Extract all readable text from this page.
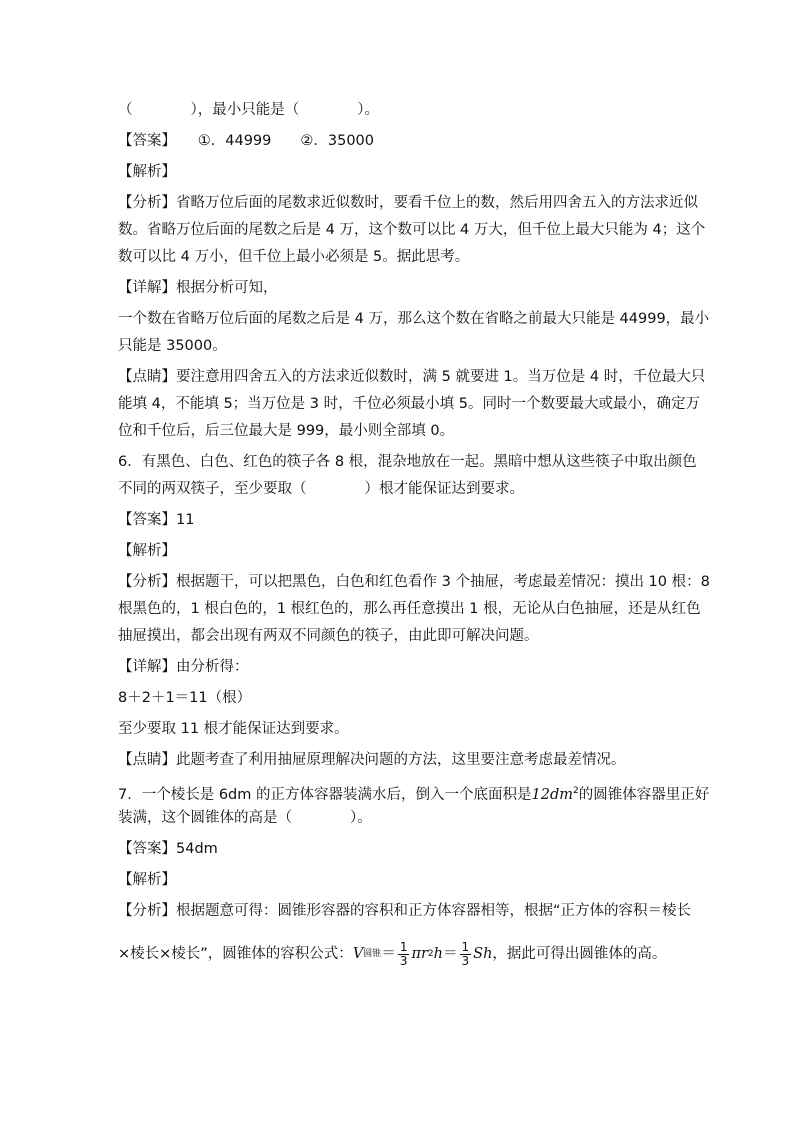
（　　　　），最小只能是（　　　　）。
【答案】　　①．44999　　②．35000
【解析】
【分析】省略万位后面的尾数求近似数时，要看千位上的数，然后用四舍五入的方法求近似
数。省略万位后面的尾数之后是 4 万，这个数可以比 4 万大，但千位上最大只能为 4；这个
数可以比 4 万小，但千位上最小必须是 5。据此思考。
【详解】根据分析可知，
一个数在省略万位后面的尾数之后是 4 万，那么这个数在省略之前最大只能是 44999，最小
只能是 35000。
【点睛】要注意用四舍五入的方法求近似数时，满 5 就要进 1。当万位是 4 时，千位最大只
能填 4，不能填 5；当万位是 3 时，千位必须最小填 5。同时一个数要最大或最小，确定万
位和千位后，后三位最大是 999，最小则全部填 0。
6．有黑色、白色、红色的筷子各 8 根，混杂地放在一起。黑暗中想从这些筷子中取出颜色
不同的两双筷子，至少要取（　　　　）根才能保证达到要求。
【答案】11
【解析】
【分析】根据题干，可以把黑色，白色和红色看作 3 个抽屉，考虑最差情况：摸出 10 根：8
根黑色的，1 根白色的，1 根红色的，那么再任意摸出 1 根，无论从白色抽屉，还是从红色
抽屉摸出，都会出现有两双不同颜色的筷子，由此即可解决问题。
【详解】由分析得：
8＋2＋1＝11（根）
至少要取 11 根才能保证达到要求。
【点睛】此题考查了利用抽屉原理解决问题的方法，这里要注意考虑最差情况。
7．一个棱长是 6dm 的正方体容器装满水后，倒入一个底面积是$12dm^2$的圆锥体容器里正好
装满，这个圆锥体的高是（　　　　）。
【答案】54dm
【解析】
【分析】根据题意可得：圆锥形容器的容积和正方体容器相等，根据“正方体的容积＝棱长
×棱长×棱长”，圆锥体的容积公式： V 圆锥 ＝ $\frac{1}{3}$ πr 2 $h = \frac{1}{3}$ Sh ，据此可得出圆锥体的高。
